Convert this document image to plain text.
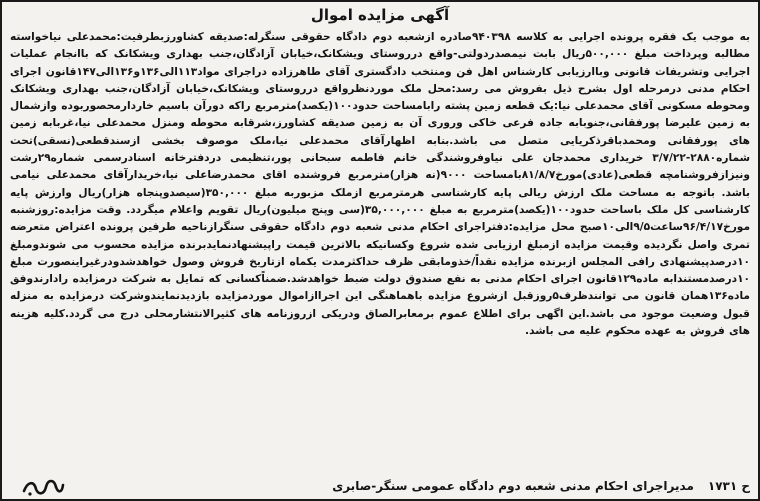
آگهی مزایده اموال

به موجب یک فقره پرونده اجرایی به کلاسه ۹۴۰۳۹۸صادره ازشعبه دوم دادگاه حقوقی سنگرله:صدیقه کشاورزبطرفیت:محمدعلی نیاخواسته مطالبه وپرداخت مبلغ ۵۰۰,۰۰۰ریال بابت نیمصدردولتی-واقع درروستای ویشکانک،خیابان آزادگان،جنب بهداری ویشکانک که باانجام عملیات اجرایی وتشریفات قانونی وباارزیابی کارشناس اهل فن ومنتخب دادگستری آقای طاهرزاده دراجرای مواد۱۱۳الی۱۳۶و۱۳۶الی۱۴۷قانون اجرای احکام مدنی درمرحله اول بشرح ذیل بفروش می رسد:محل ملک موردنظرواقع درروستای ویشکانک،خیابان آزادگان،جنب بهداری ویشکانک ومحوطه مسکونی آقای محمدعلی نیا:یک قطعه زمین پشته رابامساحت حدود۱۰۰(یکصد)مترمربع راکه دورآن باسیم خاردارمحصوربوده وازشمال به زمین علیرضا پورفقانی،جنوبابه جاده فرعی خاکی وروری آن به زمین صدیقه کشاورز،شرقابه محوطه ومنزل محمدعلی نیا،غربابه زمین های پورفقانی ومحمدباقرذکریایی متصل می باشد.بنابه اظهارآقای محمدعلی نیا،ملک موصوف بخشی ازسندقطعی(نسقی)تحت شماره۲۸۸۰-۳/۷/۲۲ خریداری محمدجان علی نیاوفروشندگی خانم فاطمه سبحانی پور،تنظیمی دردفترخانه اسنادرسمی شماره۲۹رشت ونیزازفروشنامچه قطعی(عادی)مورخ۸۱/۸/۷بامساحت ۹۰۰۰(نه هزار)مترمربع فروشنده اقای محمدرضاعلی نیا،خریدارآقای محمدعلی نیامی باشد. باتوجه به مساحت ملک ارزش ریالی پایه کارشناسی هرمترمربع ازملک مزبوربه مبلغ ۳۵۰,۰۰۰(سیصدوپنجاه هزار)ریال وارزش پایه کارشناسی کل ملک باساحت حدود۱۰۰(یکصد)مترمربع به مبلغ ۳۵,۰۰۰,۰۰۰(سی وپنج میلیون)ریال تقویم واعلام میگردد. وقت مزایده:روزشنبه مورخ۹۶/۴/۱۷ساعت۹/۵الی۱۰صبح محل مزایده:دفتراجرای احکام مدنی شعبه دوم دادگاه حقوقی سنگرازناحیه طرفین پرونده اعتراض متعرضه تمری واصل نگردیده وقیمت مزایده ازمبلغ ارزیابی شده شروع وکسانیکه بالاترین قیمت راپیشنهادنمایدبرنده مزایده محسوب می شوندومبلغ ۱۰درصدپیشنهادی رافی المجلس ازبرنده مزایده نقداً/خذومابقی ظرف حداکثرمدت یکماه ازتاریخ فروش وصول خواهدشدودرغیراینصورت مبلغ ۱۰درصدمستندابه ماده۱۲۹قانون اجرای احکام مدنی به نفع صندوق دولت ضبط خواهدشد.ضمناًکسانی که تمایل به شرکت درمزایده رادارندوفق ماده۱۳۶همان قانون می توانندظرف۵روزقبل ازشروع مزایده باهماهنگی این اجراازاموال موردمزایده بازدیدنمایندوشرکت درمزایده به منزله قبول وضعیت موجود می باشد.این اگهی برای اطلاع عموم برمعابرالصاق ودریکی ازروزنامه های کثیرالانتشارمحلی درج می گردد.کلیه هزینه های فروش به عهده محکوم علیه می باشد.

ح ۱۷۳۱
مدیراجرای احکام مدنی شعبه دوم دادگاه عمومی سنگر-صابری
